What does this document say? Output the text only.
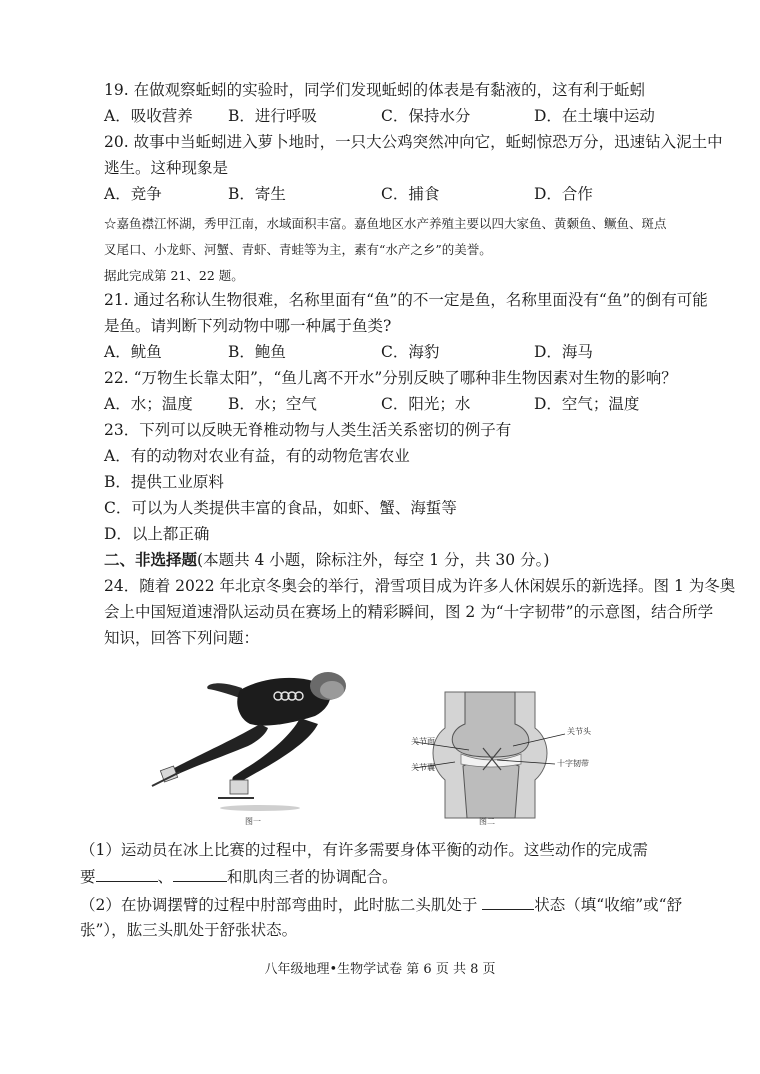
19. 在做观察蚯蚓的实验时，同学们发现蚯蚓的体表是有黏液的，这有利于蚯蚓
A．吸收营养 B．进行呼吸	C．保持水分	D．在土壤中运动
20. 故事中当蚯蚓进入萝卜地时，一只大公鸡突然冲向它，蚯蚓惊恐万分，迅速钻入泥土中
逃生。这种现象是
A．竞争	B．寄生	C．捕食	D．合作
☆嘉鱼襟江怀湖，秀甲江南，水域面积丰富。嘉鱼地区水产养殖主要以四大家鱼、黄颡鱼、鳜鱼、斑点
叉尾口、小龙虾、河蟹、青虾、青蛙等为主，素有“水产之乡”的美誉。
据此完成第 21、22 题。
21. 通过名称认生物很难，名称里面有“鱼”的不一定是鱼，名称里面没有“鱼”的倒有可能
是鱼。请判断下列动物中哪一种属于鱼类?
A．鱿鱼	B．鲍鱼	C．海豹	D．海马
22. “万物生长靠太阳”，“鱼儿离不开水”分别反映了哪种非生物因素对生物的影响？
A．水；温度 B．水；空气	C．阳光；水	D．空气；温度
23．下列可以反映无脊椎动物与人类生活关系密切的例子有
A．有的动物对农业有益，有的动物危害农业
B．提供工业原料
C．可以为人类提供丰富的食品，如虾、蟹、海蜇等
D．以上都正确
二、非选择题(本题共 4 小题，除标注外，每空 1 分，共 30 分。)
24．随着 2022 年北京冬奥会的举行，滑雪项目成为许多人休闲娱乐的新选择。图 1 为冬奥
会上中国短道速滑队运动员在赛场上的精彩瞬间，图 2 为“十字韧带”的示意图，结合所学
知识，回答下列问题：
图一
关节面
关节囊
关节头
十字韧带
图二
（1）运动员在冰上比赛的过程中，有许多需要身体平衡的动作。这些动作的完成需
要	、	和肌肉三者的协调配合。
（2）在协调摆臂的过程中肘部弯曲时，此时肱二头肌处于	状态（填“收缩”或“舒
张”），肱三头肌处于舒张状态。
八年级地理•生物学试卷 第 6 页 共 8 页
